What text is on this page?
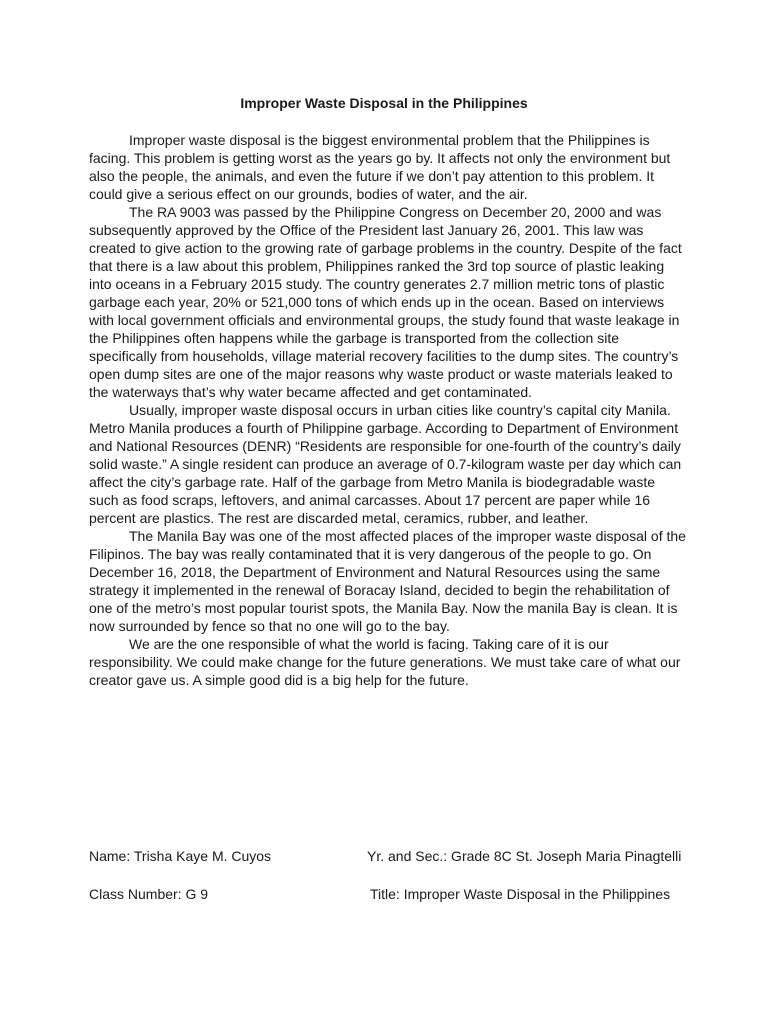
Improper Waste Disposal in the Philippines

Improper waste disposal is the biggest environmental problem that the Philippines is facing. This problem is getting worst as the years go by. It affects not only the environment but also the people, the animals, and even the future if we don’t pay attention to this problem. It could give a serious effect on our grounds, bodies of water, and the air.

The RA 9003 was passed by the Philippine Congress on December 20, 2000 and was subsequently approved by the Office of the President last January 26, 2001. This law was created to give action to the growing rate of garbage problems in the country. Despite of the fact that there is a law about this problem, Philippines ranked the 3rd top source of plastic leaking into oceans in a February 2015 study. The country generates 2.7 million metric tons of plastic garbage each year, 20% or 521,000 tons of which ends up in the ocean. Based on interviews with local government officials and environmental groups, the study found that waste leakage in the Philippines often happens while the garbage is transported from the collection site specifically from households, village material recovery facilities to the dump sites. The country’s open dump sites are one of the major reasons why waste product or waste materials leaked to the waterways that’s why water became affected and get contaminated.

Usually, improper waste disposal occurs in urban cities like country’s capital city Manila. Metro Manila produces a fourth of Philippine garbage. According to Department of Environment and National Resources (DENR) “Residents are responsible for one-fourth of the country’s daily solid waste.” A single resident can produce an average of 0.7-kilogram waste per day which can affect the city’s garbage rate. Half of the garbage from Metro Manila is biodegradable waste such as food scraps, leftovers, and animal carcasses. About 17 percent are paper while 16 percent are plastics. The rest are discarded metal, ceramics, rubber, and leather.

The Manila Bay was one of the most affected places of the improper waste disposal of the Filipinos. The bay was really contaminated that it is very dangerous of the people to go. On December 16, 2018, the Department of Environment and Natural Resources using the same strategy it implemented in the renewal of Boracay Island, decided to begin the rehabilitation of one of the metro’s most popular tourist spots, the Manila Bay. Now the manila Bay is clean. It is now surrounded by fence so that no one will go to the bay.

We are the one responsible of what the world is facing. Taking care of it is our responsibility. We could make change for the future generations. We must take care of what our creator gave us. A simple good did is a big help for the future.

Name: Trisha Kaye M. Cuyos	Yr. and Sec.: Grade 8C St. Joseph Maria Pinagtelli
Class Number: G 9	Title: Improper Waste Disposal in the Philippines
